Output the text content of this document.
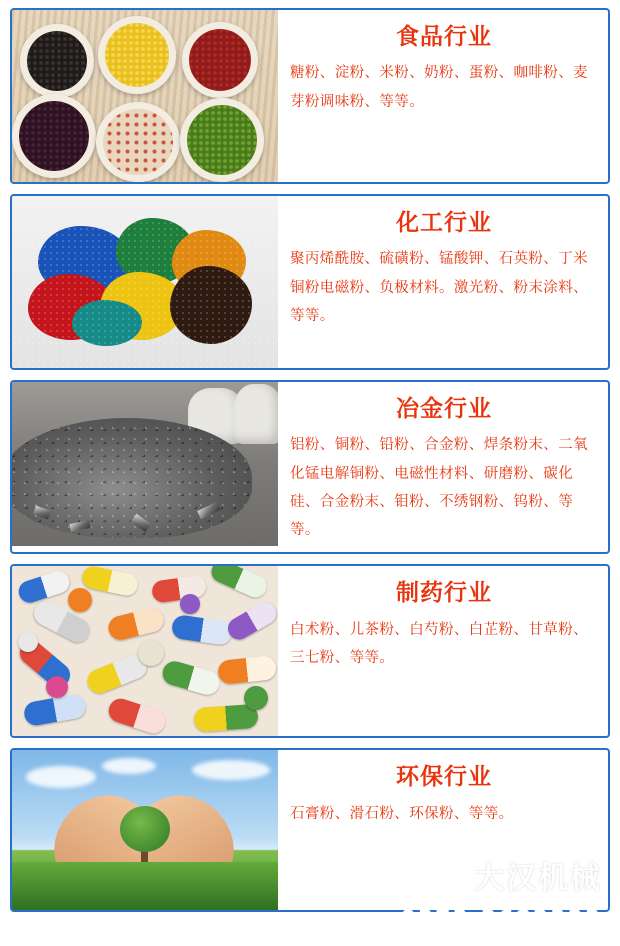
食品行业
糖粉、淀粉、米粉、奶粉、蛋粉、咖啡粉、麦芽粉调味粉、等等。
化工行业
聚丙烯酰胺、硫磺粉、锰酸钾、石英粉、丁米铜粉电磁粉、负极材料。激光粉、粉末涂料、等等。
冶金行业
铝粉、铜粉、铅粉、合金粉、焊条粉末、二氧化锰电解铜粉、电磁性材料、研磨粉、碳化硅、合金粉末、钼粉、不绣钢粉、钨粉、等等。
制药行业
白术粉、儿茶粉、白芍粉、白芷粉、甘草粉、三七粉、等等。
环保行业
石膏粉、滑石粉、环保粉、等等。
大汉机械
DAHAN
0373-2682333
